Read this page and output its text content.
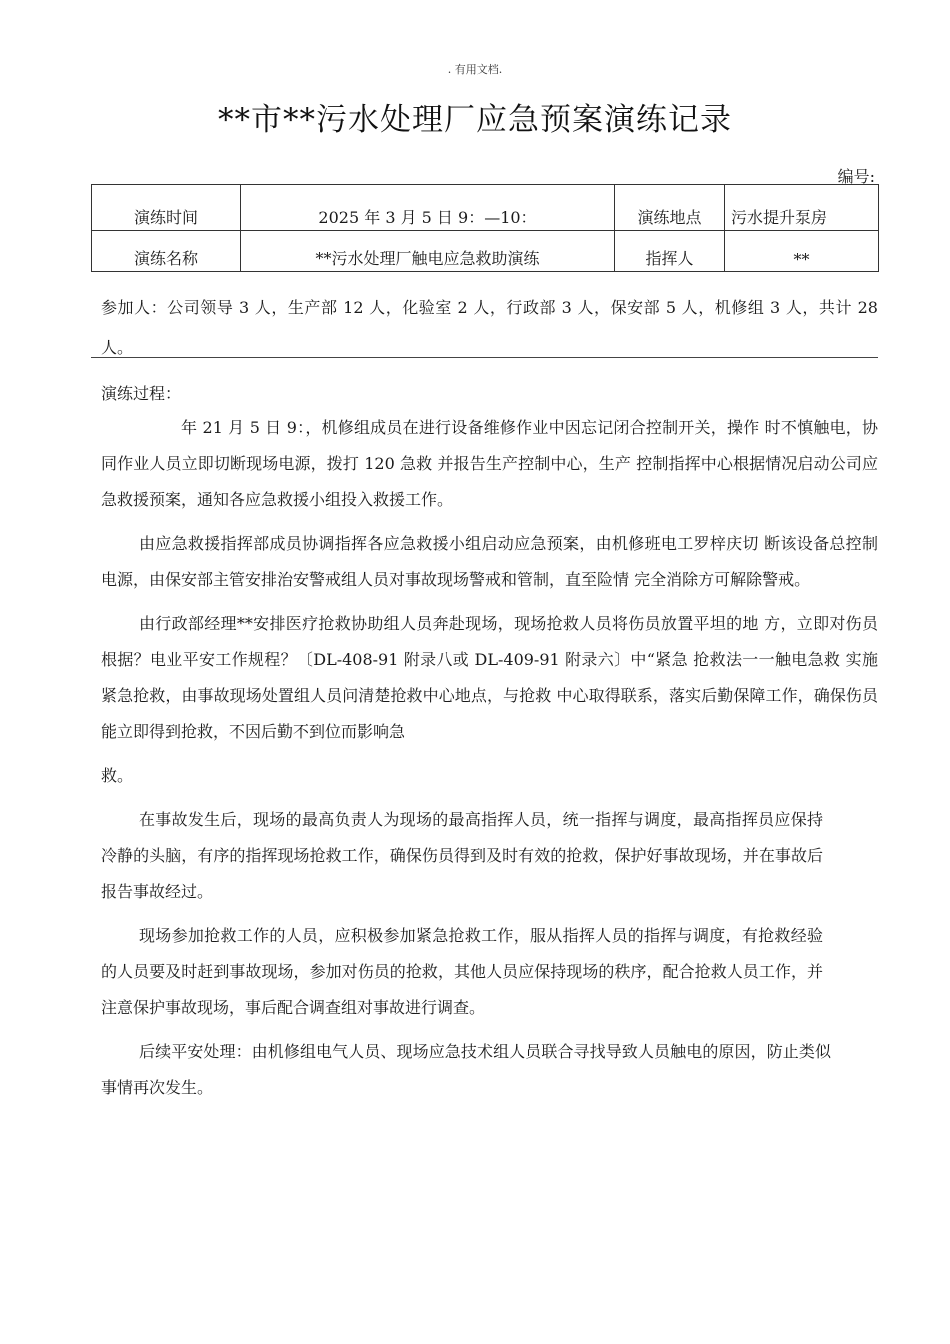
. 有用文档.
**市**污水处理厂应急预案演练记录
编号:
演练时间	2025 年 3 月 5 日 9：—10：	演练地点	污水提升泵房
演练名称	**污水处理厂触电应急救助演练	指挥人	**
参加人：公司领导 3 人，生产部 12 人，化验室 2 人，行政部 3 人，保安部 5 人，机修组 3 人，共计 28 人。
演练过程：

年 21 月 5 日 9：，机修组成员在进行设备维修作业中因忘记闭合控制开关，操作 时不慎触电，协同作业人员立即切断现场电源，拨打 120 急救 并报告生产控制中心，生产 控制指挥中心根据情况启动公司应急救援预案，通知各应急救援小组投入救援工作。

由应急救援指挥部成员协调指挥各应急救援小组启动应急预案，由机修班电工罗梓庆切 断该设备总控制电源，由保安部主管安排治安警戒组人员对事故现场警戒和管制，直至险情 完全消除方可解除警戒。

由行政部经理**安排医疗抢救协助组人员奔赴现场，现场抢救人员将伤员放置平坦的地 方，立即对伤员根据？电业平安工作规程？〔DL-408-91 附录八或 DL-409-91 附录六〕中“紧急 抢救法一一触电急救 实施紧急抢救，由事故现场处置组人员问清楚抢救中心地点，与抢救 中心取得联系，落实后勤保障工作，确保伤员能立即得到抢救，不因后勤不到位而影响急

救。

在事故发生后，现场的最高负责人为现场的最高指挥人员，统一指挥与调度，最高指挥员应保持冷静的头脑，有序的指挥现场抢救工作，确保伤员得到及时有效的抢救，保护好事故现场，并在事故后报告事故经过。

现场参加抢救工作的人员，应积极参加紧急抢救工作，服从指挥人员的指挥与调度，有抢救经验的人员要及时赶到事故现场，参加对伤员的抢救，其他人员应保持现场的秩序，配合抢救人员工作，并注意保护事故现场，事后配合调查组对事故进行调查。

后续平安处理：由机修组电气人员、现场应急技术组人员联合寻找导致人员触电的原因，防止类似事情再次发生。
